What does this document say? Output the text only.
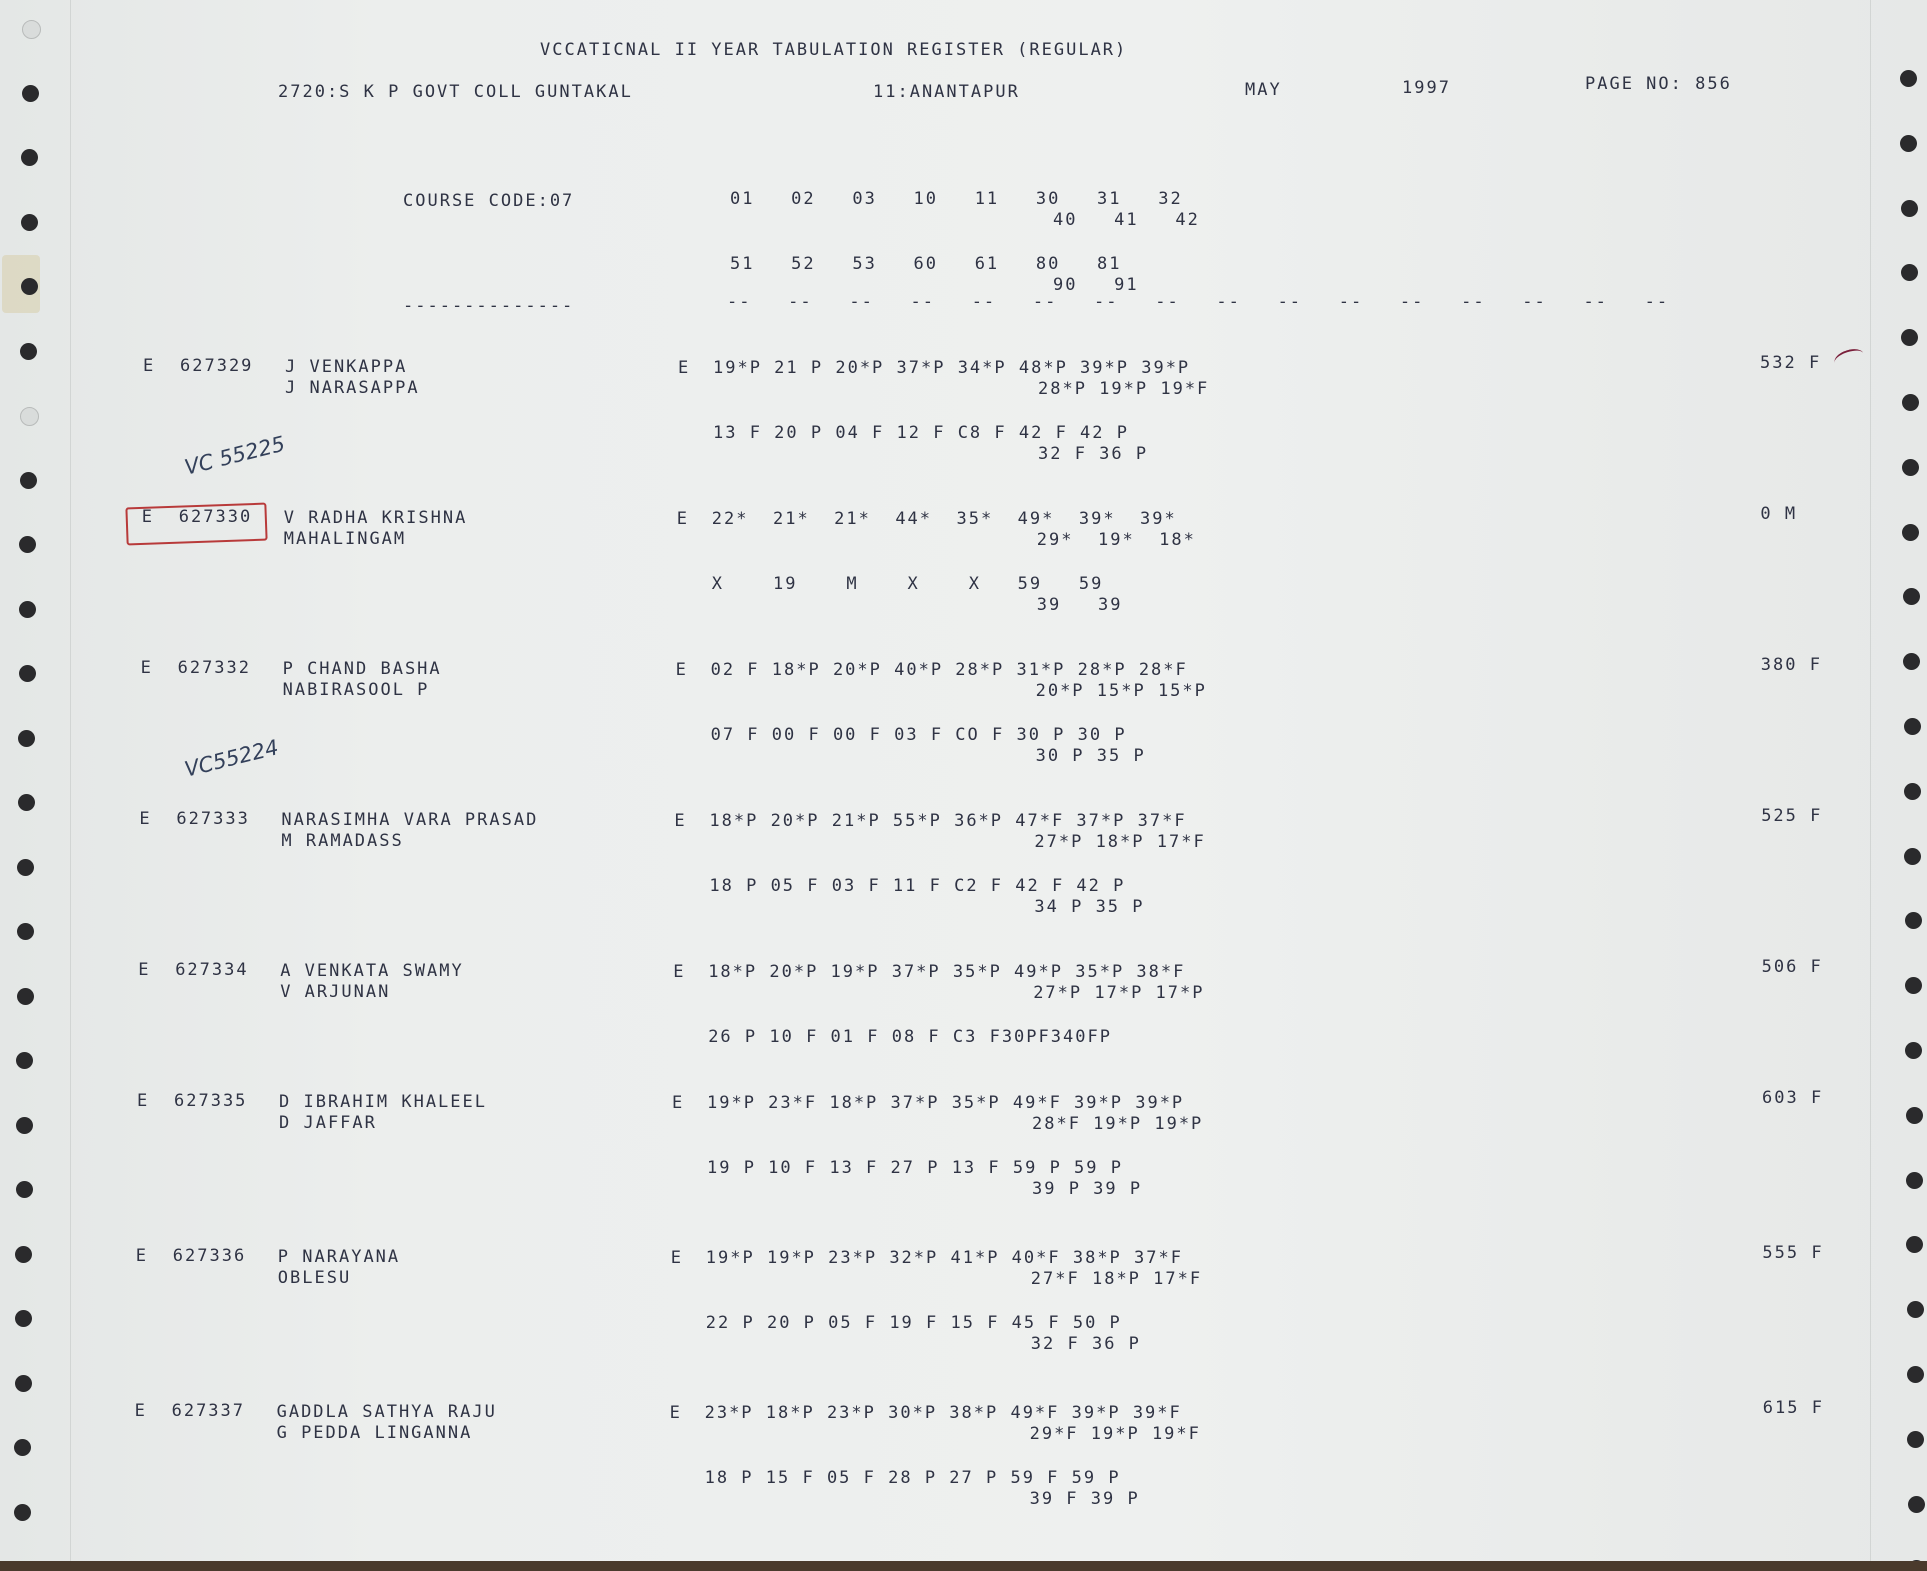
VCCATICNAL II YEAR TABULATION REGISTER (REGULAR)
2720:S K P GOVT COLL GUNTAKAL	11:ANANTAPUR	MAY	1997	PAGE NO: 856
COURSE CODE:07	01   02   03   10   11   30   31   32
40   41   42
51   52   53   60   61   80   81
90   91
--------------	--   --   --   --   --   --   --   --   --   --   --   --   --   --   --   --
E 627329 J VENKAPPA
J NARASAPPA
E 19*P 21 P 20*P 37*P 34*P 48*P 39*P 39*P
28*P 19*P 19*F
13 F 20 P 04 F 12 F C8 F 42 F 42 P
32 F 36 P
532 F
VC 55225
E 627330 V RADHA KRISHNA
MAHALINGAM
E 22*  21*  21*  44*  35*  49*  39*  39*
29*  19*  18*
X    19    M    X    X   59   59
39   39
0 M
E 627332 P CHAND BASHA
NABIRASOOL P
E 02 F 18*P 20*P 40*P 28*P 31*P 28*P 28*F
20*P 15*P 15*P
07 F 00 F 00 F 03 F CO F 30 P 30 P
30 P 35 P
380 F
VC55224
E 627333 NARASIMHA VARA PRASAD
M RAMADASS
E 18*P 20*P 21*P 55*P 36*P 47*F 37*P 37*F
27*P 18*P 17*F
18 P 05 F 03 F 11 F C2 F 42 F 42 P
34 P 35 P
525 F
E 627334 A VENKATA SWAMY
V ARJUNAN
E 18*P 20*P 19*P 37*P 35*P 49*P 35*P 38*F
27*P 17*P 17*P
26 P 10 F 01 F 08 F C3 F30PF340FP
506 F
E 627335 D IBRAHIM KHALEEL
D JAFFAR
E 19*P 23*F 18*P 37*P 35*P 49*F 39*P 39*P
28*F 19*P 19*P
19 P 10 F 13 F 27 P 13 F 59 P 59 P
39 P 39 P
603 F
E 627336 P NARAYANA
OBLESU
E 19*P 19*P 23*P 32*P 41*P 40*F 38*P 37*F
27*F 18*P 17*F
22 P 20 P 05 F 19 F 15 F 45 F 50 P
32 F 36 P
555 F
E 627337 GADDLA SATHYA RAJU
G PEDDA LINGANNA
E 23*P 18*P 23*P 30*P 38*P 49*F 39*P 39*F
29*F 19*P 19*F
18 P 15 F 05 F 28 P 27 P 59 F 59 P
39 F 39 P
615 F
